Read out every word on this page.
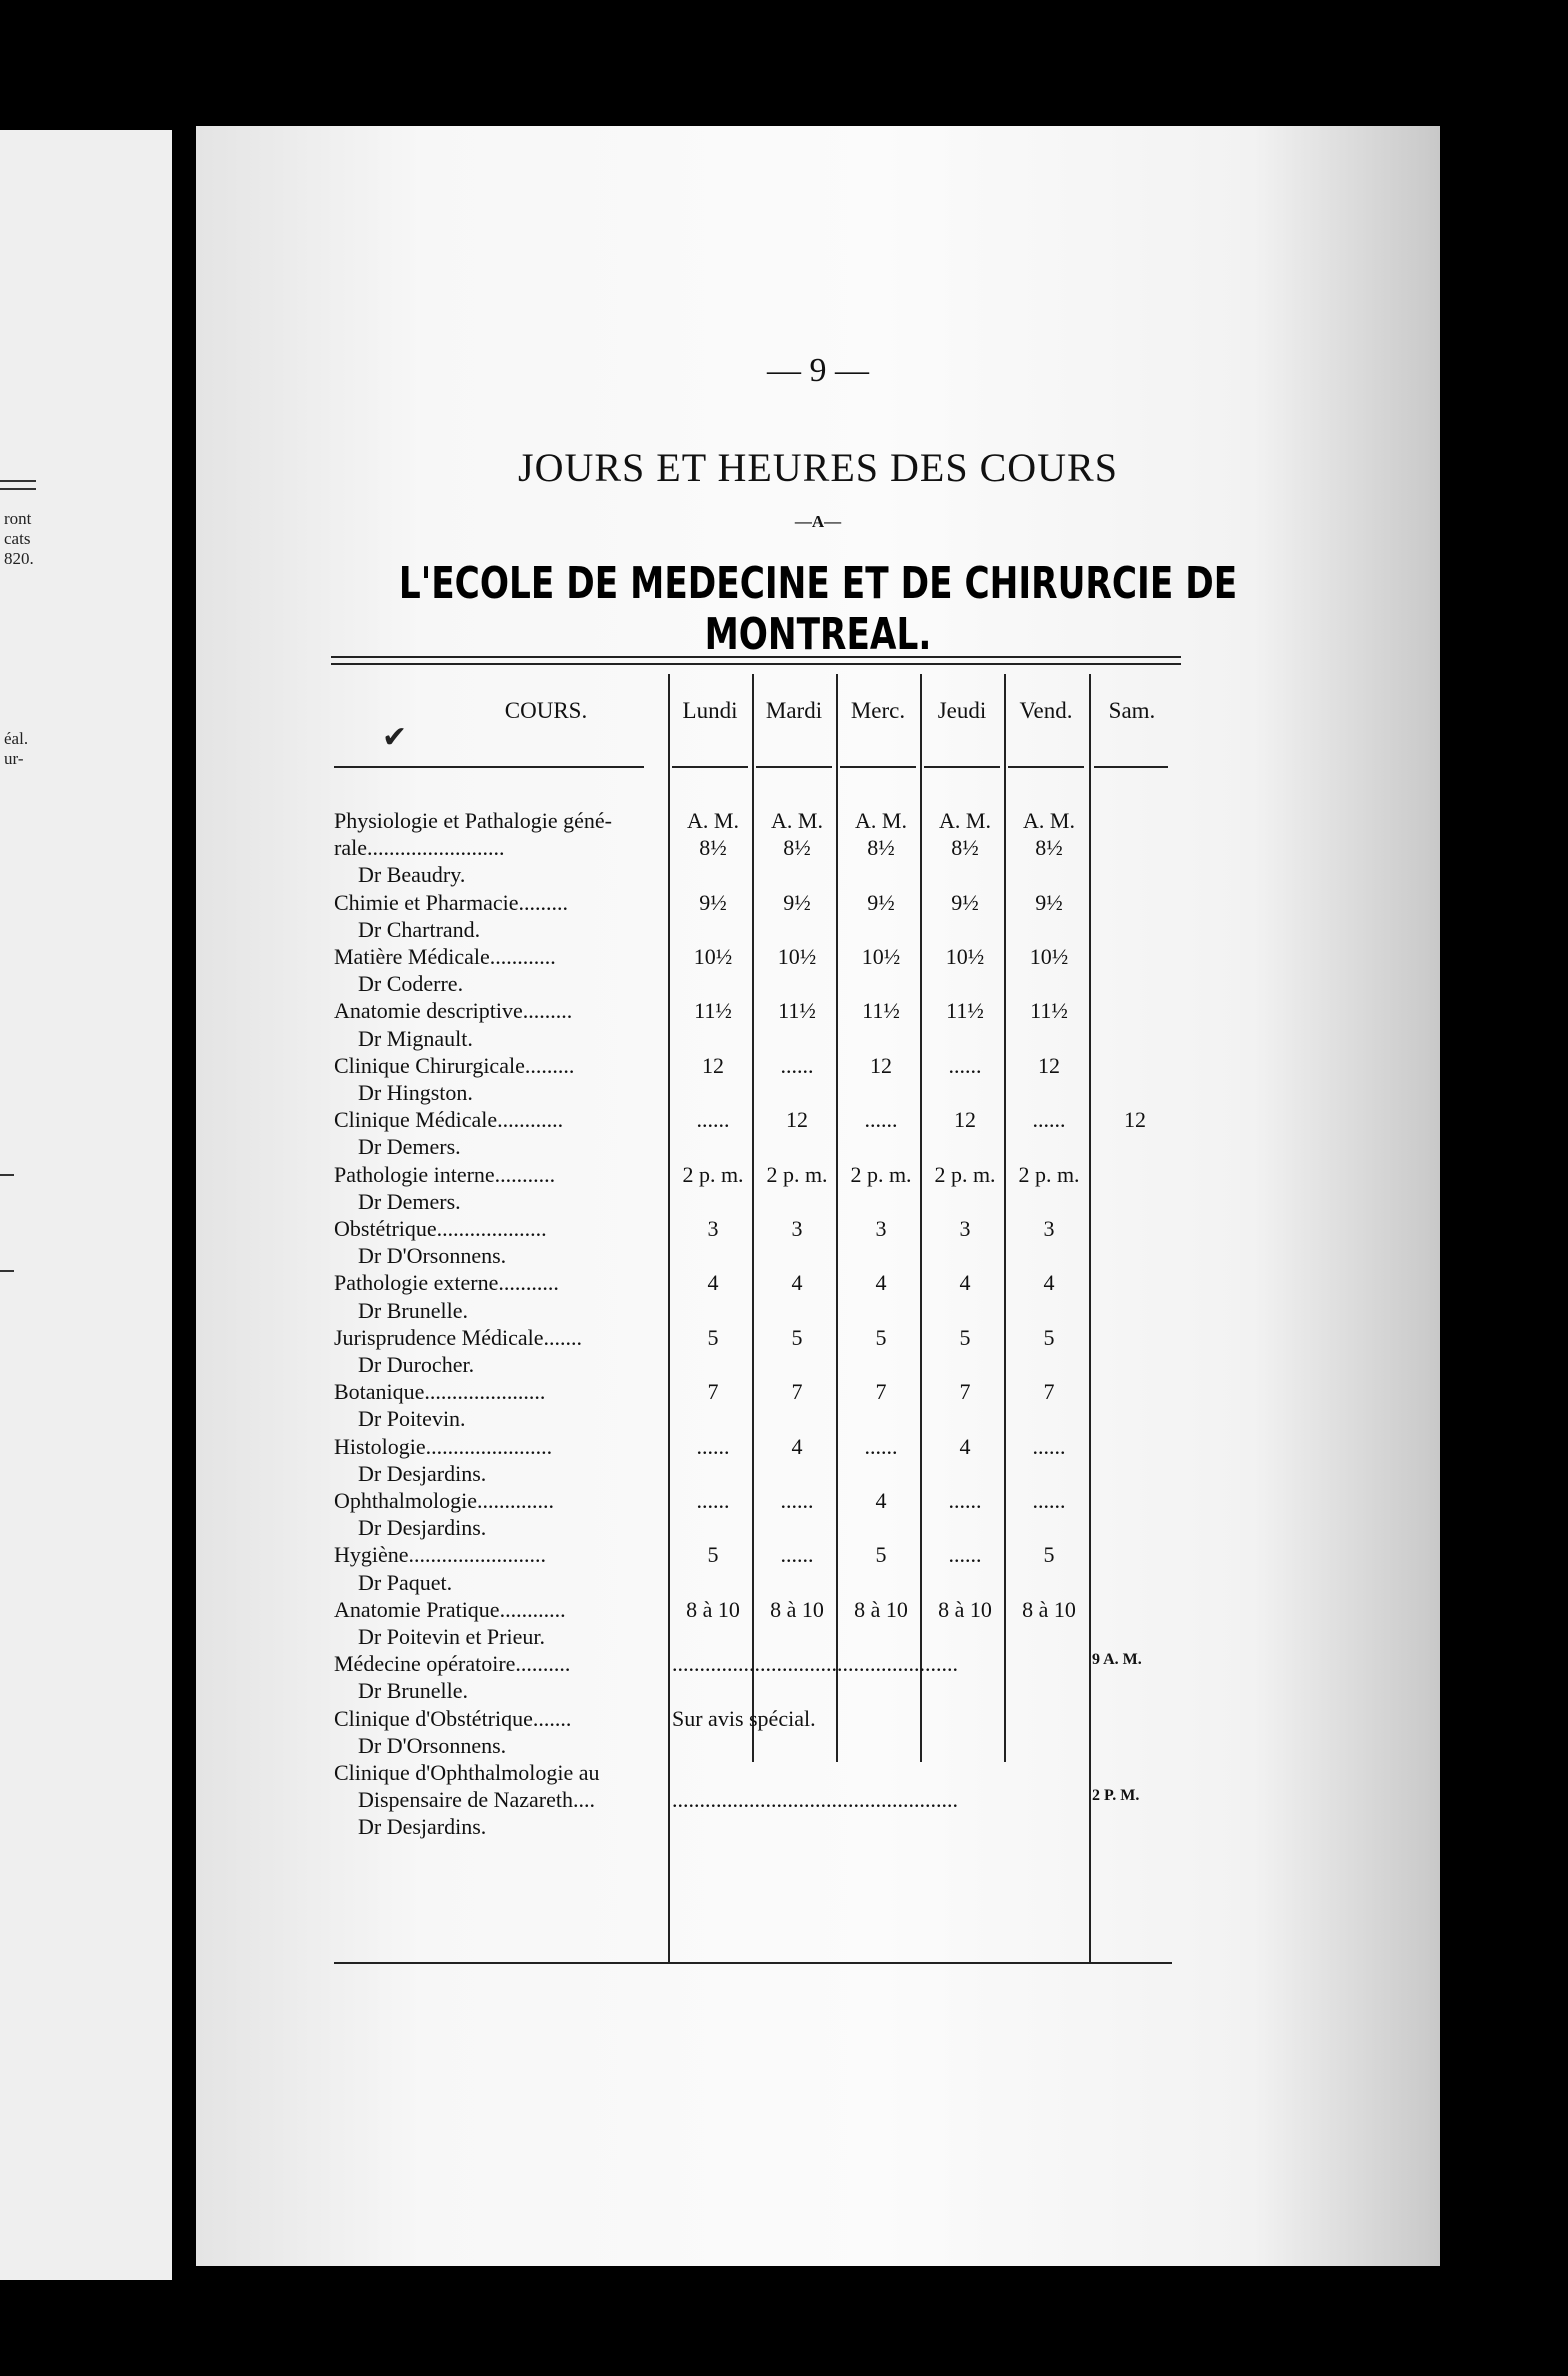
ront
cats
820.
éal.
ur-
— 9 —
JOURS ET HEURES DES COURS
—A—
L'ECOLE DE MEDECINE ET DE CHIRURCIE DE MONTREAL.
COURS.
✔
Lundi	Mardi	Merc.	Jeudi	Vend.	Sam.
Physiologie et Pathalogie géné-	A. M.	A. M.	A. M.	A. M.	A. M.
rale.........................	8½	8½	8½	8½	8½
Dr Beaudry.
Chimie et Pharmacie.........	9½	9½	9½	9½	9½
Dr Chartrand.
Matière Médicale............	10½	10½	10½	10½	10½
Dr Coderre.
Anatomie descriptive.........	11½	11½	11½	11½	11½
Dr Mignault.
Clinique Chirurgicale.........	12	......	12	......	12
Dr Hingston.
Clinique Médicale............	......	12	......	12	......	12
Dr Demers.
Pathologie interne...........	2 p. m.	2 p. m.	2 p. m.	2 p. m.	2 p. m.
Dr Demers.
Obstétrique....................	3	3	3	3	3
Dr D'Orsonnens.
Pathologie externe...........	4	4	4	4	4
Dr Brunelle.
Jurisprudence Médicale.......	5	5	5	5	5
Dr Durocher.
Botanique......................	7	7	7	7	7
Dr Poitevin.
Histologie.......................	......	4	......	4	......
Dr Desjardins.
Ophthalmologie..............	......	......	4	......	......
Dr Desjardins.
Hygiène.........................	5	......	5	......	5
Dr Paquet.
Anatomie Pratique............	8 à 10	8 à 10	8 à 10	8 à 10	8 à 10
Dr Poitevin et Prieur.
Médecine opératoire..........	....................................................	9 A. M.
Dr Brunelle.
Clinique d'Obstétrique.......	Sur avis spécial.
Dr D'Orsonnens.
Clinique d'Ophthalmologie au
Dispensaire de Nazareth....	....................................................	2 P. M.
Dr Desjardins.
